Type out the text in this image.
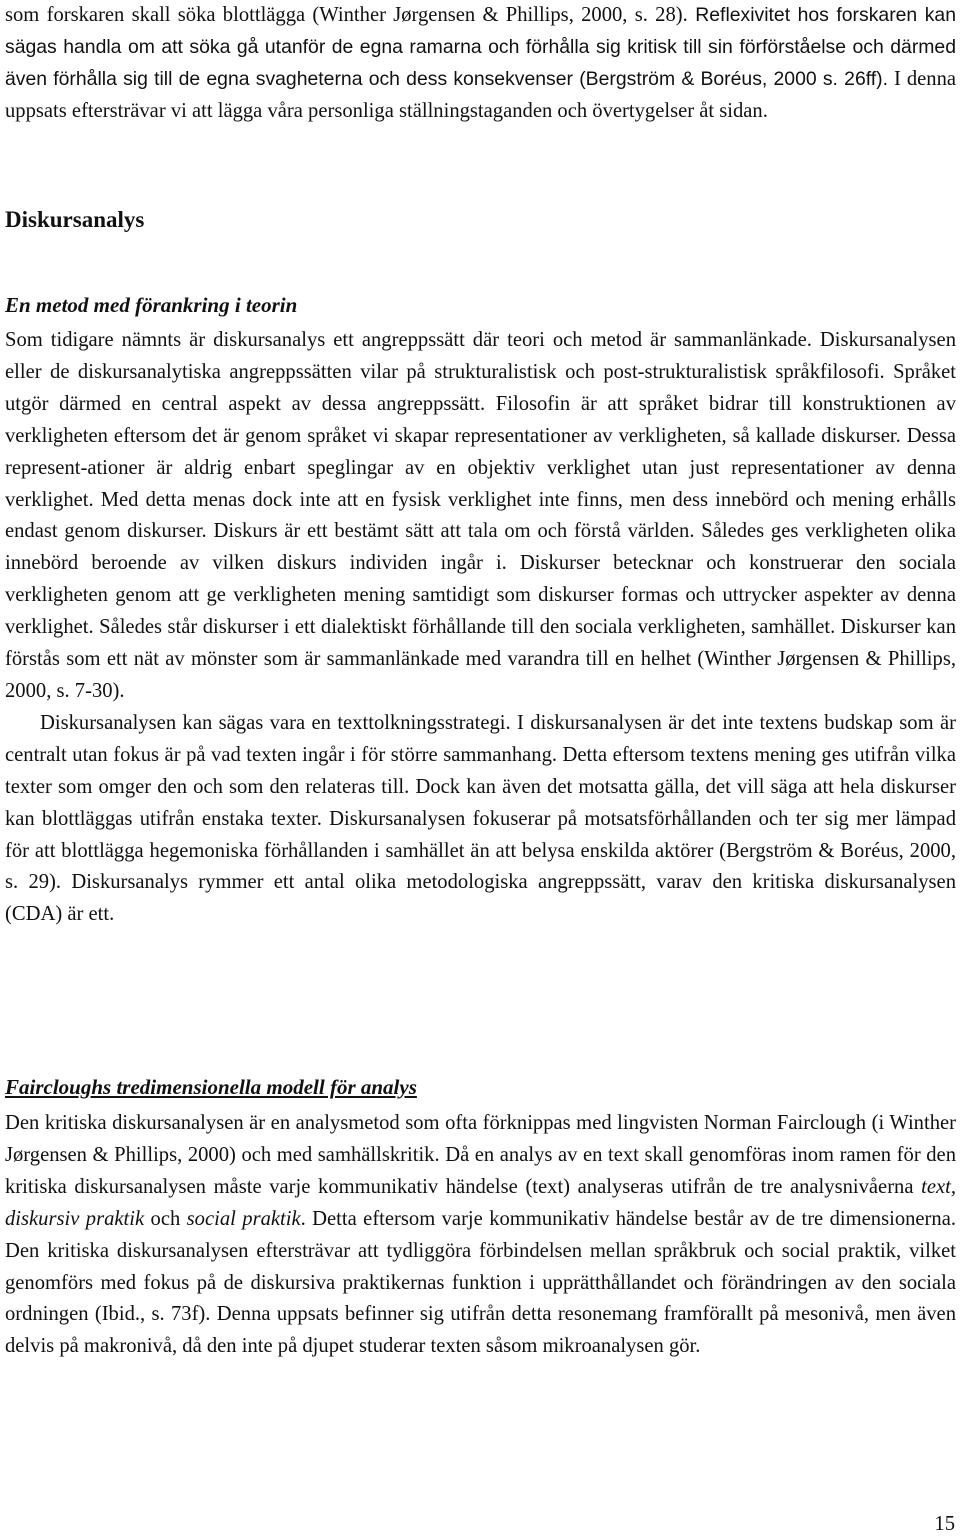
som forskaren skall söka blottlägga (Winther Jørgensen & Phillips, 2000, s. 28). Reflexivitet hos forskaren kan sägas handla om att söka gå utanför de egna ramarna och förhålla sig kritisk till sin förförståelse och därmed även förhålla sig till de egna svagheterna och dess konsekvenser (Bergström & Boréus, 2000 s. 26ff). I denna uppsats eftersträvar vi att lägga våra personliga ställningstaganden och övertygelser åt sidan.

Diskursanalys
En metod med förankring i teorin

Som tidigare nämnts är diskursanalys ett angreppssätt där teori och metod är sammanlänkade. Diskursanalysen eller de diskursanalytiska angreppssätten vilar på strukturalistisk och post-strukturalistisk språkfilosofi. Språket utgör därmed en central aspekt av dessa angreppssätt. Filosofin är att språket bidrar till konstruktionen av verkligheten eftersom det är genom språket vi skapar representationer av verkligheten, så kallade diskurser. Dessa represent-ationer är aldrig enbart speglingar av en objektiv verklighet utan just representationer av denna verklighet. Med detta menas dock inte att en fysisk verklighet inte finns, men dess innebörd och mening erhålls endast genom diskurser. Diskurs är ett bestämt sätt att tala om och förstå världen. Således ges verkligheten olika innebörd beroende av vilken diskurs individen ingår i. Diskurser betecknar och konstruerar den sociala verkligheten genom att ge verkligheten mening samtidigt som diskurser formas och uttrycker aspekter av denna verklighet. Således står diskurser i ett dialektiskt förhållande till den sociala verkligheten, samhället. Diskurser kan förstås som ett nät av mönster som är sammanlänkade med varandra till en helhet (Winther Jørgensen & Phillips, 2000, s. 7-30).

Diskursanalysen kan sägas vara en texttolkningsstrategi. I diskursanalysen är det inte textens budskap som är centralt utan fokus är på vad texten ingår i för större sammanhang. Detta eftersom textens mening ges utifrån vilka texter som omger den och som den relateras till. Dock kan även det motsatta gälla, det vill säga att hela diskurser kan blottläggas utifrån enstaka texter. Diskursanalysen fokuserar på motsatsförhållanden och ter sig mer lämpad för att blottlägga hegemoniska förhållanden i samhället än att belysa enskilda aktörer (Bergström & Boréus, 2000, s. 29). Diskursanalys rymmer ett antal olika metodologiska angreppssätt, varav den kritiska diskursanalysen (CDA) är ett.

Faircloughs tredimensionella modell för analys

Den kritiska diskursanalysen är en analysmetod som ofta förknippas med lingvisten Norman Fairclough (i Winther Jørgensen & Phillips, 2000) och med samhällskritik. Då en analys av en text skall genomföras inom ramen för den kritiska diskursanalysen måste varje kommunikativ händelse (text) analyseras utifrån de tre analysnivåerna text, diskursiv praktik och social praktik. Detta eftersom varje kommunikativ händelse består av de tre dimensionerna. Den kritiska diskursanalysen eftersträvar att tydliggöra förbindelsen mellan språkbruk och social praktik, vilket genomförs med fokus på de diskursiva praktikernas funktion i upprätthållandet och förändringen av den sociala ordningen (Ibid., s. 73f). Denna uppsats befinner sig utifrån detta resonemang framförallt på mesonivå, men även delvis på makronivå, då den inte på djupet studerar texten såsom mikroanalysen gör.

15
